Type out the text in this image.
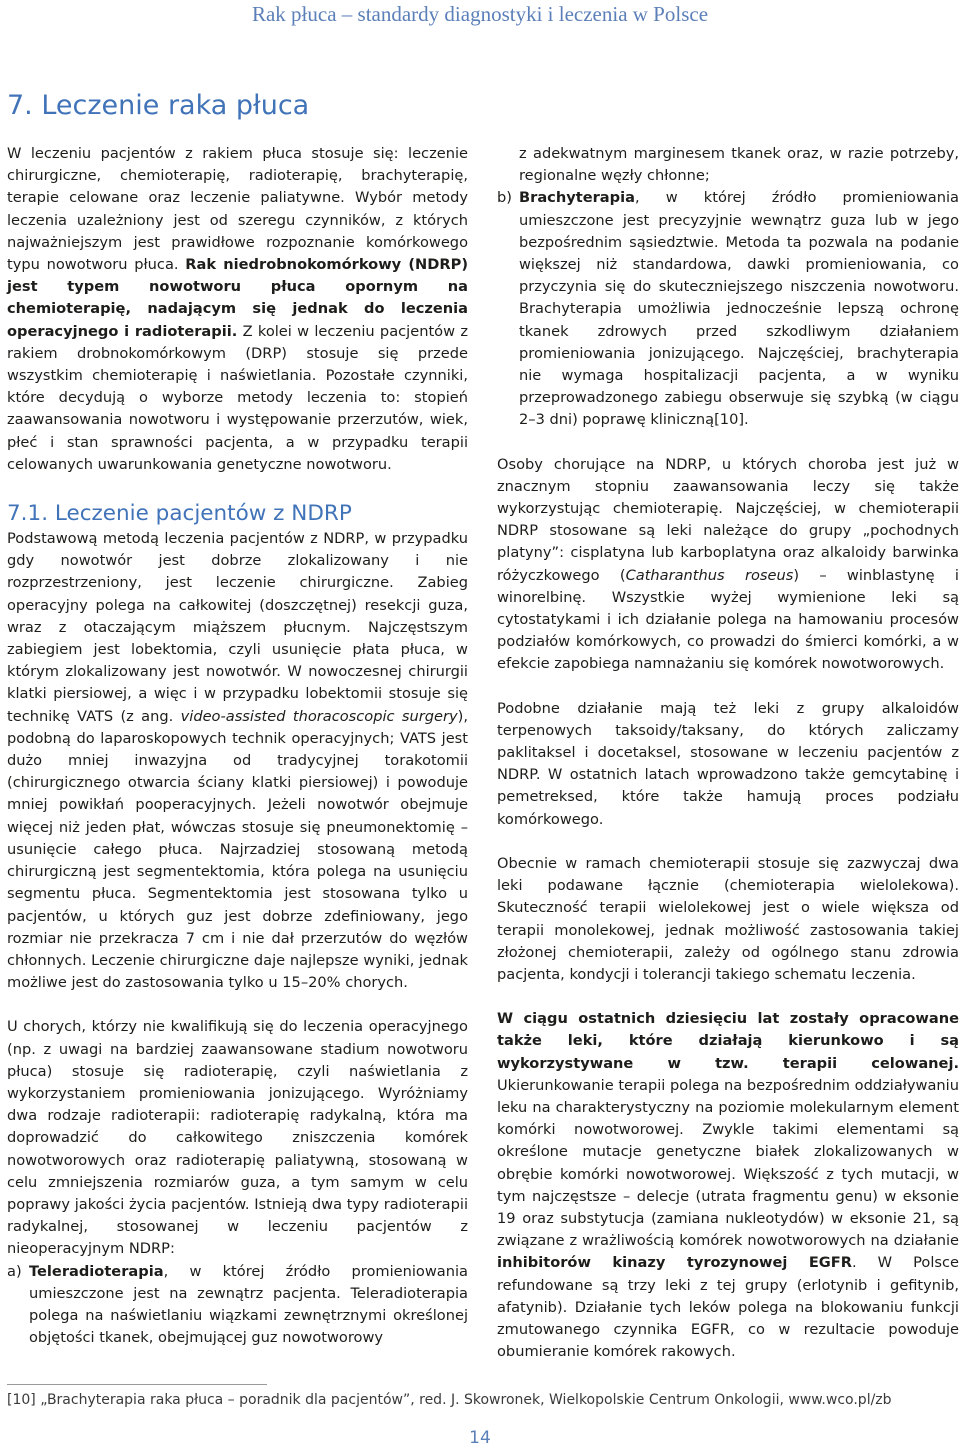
Rak płuca – standardy diagnostyki i leczenia w Polsce
7. Leczenie raka płuca

W leczeniu pacjentów z rakiem płuca stosuje się: leczenie chirurgiczne, chemioterapię, radioterapię, brachyterapię, terapie celowane oraz leczenie paliatywne. Wybór metody leczenia uzależniony jest od szeregu czynników, z których najważniejszym jest prawidłowe rozpoznanie komórkowego typu nowotworu płuca. Rak niedrobnokomórkowy (NDRP) jest typem nowotworu płuca opornym na chemioterapię, nadającym się jednak do leczenia operacyjnego i radioterapii. Z kolei w leczeniu pacjentów z rakiem drobnokomórkowym (DRP) stosuje się przede wszystkim chemioterapię i naświetlania. Pozostałe czynniki, które decydują o wyborze metody leczenia to: stopień zaawansowania nowotworu i występowanie przerzutów, wiek, płeć i stan sprawności pacjenta, a w przypadku terapii celowanych uwarunkowania genetyczne nowotworu.

7.1. Leczenie pacjentów z NDRP

Podstawową metodą leczenia pacjentów z NDRP, w przypadku gdy nowotwór jest dobrze zlokalizowany i nie rozprzestrzeniony, jest leczenie chirurgiczne. Zabieg operacyjny polega na całkowitej (doszczętnej) resekcji guza, wraz z otaczającym miąższem płucnym. Najczęstszym zabiegiem jest lobektomia, czyli usunięcie płata płuca, w którym zlokalizowany jest nowotwór. W nowoczesnej chirurgii klatki piersiowej, a więc i w przypadku lobektomii stosuje się technikę VATS (z ang. video-assisted thoracoscopic surgery), podobną do laparoskopowych technik operacyjnych; VATS jest dużo mniej inwazyjna od tradycyjnej torakotomii (chirurgicznego otwarcia ściany klatki piersiowej) i powoduje mniej powikłań pooperacyjnych. Jeżeli nowotwór obejmuje więcej niż jeden płat, wówczas stosuje się pneumonektomię – usunięcie całego płuca. Najrzadziej stosowaną metodą chirurgiczną jest segmentektomia, która polega na usunięciu segmentu płuca. Segmentektomia jest stosowana tylko u pacjentów, u których guz jest dobrze zdefiniowany, jego rozmiar nie przekracza 7 cm i nie dał przerzutów do węzłów chłonnych. Leczenie chirurgiczne daje najlepsze wyniki, jednak możliwe jest do zastosowania tylko u 15–20% chorych.

U chorych, którzy nie kwalifikują się do leczenia operacyjnego (np. z uwagi na bardziej zaawansowane stadium nowotworu płuca) stosuje się radioterapię, czyli naświetlania z wykorzystaniem promieniowania jonizującego. Wyróżniamy dwa rodzaje radioterapii: radioterapię radykalną, która ma doprowadzić do całkowitego zniszczenia komórek nowotworowych oraz radioterapię paliatywną, stosowaną w celu zmniejszenia rozmiarów guza, a tym samym w celu poprawy jakości życia pacjentów. Istnieją dwa typy radioterapii radykalnej, stosowanej w leczeniu pacjentów z nieoperacyjnym NDRP:

a) Teleradioterapia, w której źródło promieniowania umieszczone jest na zewnątrz pacjenta. Teleradioterapia polega na naświetlaniu wiązkami zewnętrznymi określonej objętości tkanek, obejmującej guz nowotworowy
z adekwatnym marginesem tkanek oraz, w razie potrzeby, regionalne węzły chłonne;
b) Brachyterapia, w której źródło promieniowania umieszczone jest precyzyjnie wewnątrz guza lub w jego bezpośrednim sąsiedztwie. Metoda ta pozwala na podanie większej niż standardowa, dawki promieniowania, co przyczynia się do skuteczniejszego niszczenia nowotworu. Brachyterapia umożliwia jednocześnie lepszą ochronę tkanek zdrowych przed szkodliwym działaniem promieniowania jonizującego. Najczęściej, brachyterapia nie wymaga hospitalizacji pacjenta, a w wyniku przeprowadzonego zabiegu obserwuje się szybką (w ciągu 2–3 dni) poprawę kliniczną[10].

Osoby chorujące na NDRP, u których choroba jest już w znacznym stopniu zaawansowania leczy się także wykorzystując chemioterapię. Najczęściej, w chemioterapii NDRP stosowane są leki należące do grupy „pochodnych platyny”: cisplatyna lub karboplatyna oraz alkaloidy barwinka różyczkowego (Catharanthus roseus) – winblastynę i winorelbinę. Wszystkie wyżej wymienione leki są cytostatykami i ich działanie polega na hamowaniu procesów podziałów komórkowych, co prowadzi do śmierci komórki, a w efekcie zapobiega namnażaniu się komórek nowotworowych.

Podobne działanie mają też leki z grupy alkaloidów terpenowych taksoidy/taksany, do których zaliczamy paklitaksel i docetaksel, stosowane w leczeniu pacjentów z NDRP. W ostatnich latach wprowadzono także gemcytabinę i pemetreksed, które także hamują proces podziału komórkowego.

Obecnie w ramach chemioterapii stosuje się zazwyczaj dwa leki podawane łącznie (chemioterapia wielolekowa). Skuteczność terapii wielolekowej jest o wiele większa od terapii monolekowej, jednak możliwość zastosowania takiej złożonej chemioterapii, zależy od ogólnego stanu zdrowia pacjenta, kondycji i tolerancji takiego schematu leczenia.

W ciągu ostatnich dziesięciu lat zostały opracowane także leki, które działają kierunkowo i są wykorzystywane w tzw. terapii celowanej. Ukierunkowanie terapii polega na bezpośrednim oddziaływaniu leku na charakterystyczny na poziomie molekularnym element komórki nowotworowej. Zwykle takimi elementami są określone mutacje genetyczne białek zlokalizowanych w obrębie komórki nowotworowej. Większość z tych mutacji, w tym najczęstsze – delecje (utrata fragmentu genu) w eksonie 19 oraz substytucja (zamiana nukleotydów) w eksonie 21, są związane z wrażliwością komórek nowotworowych na działanie inhibitorów kinazy tyrozynowej EGFR. W Polsce refundowane są trzy leki z tej grupy (erlotynib i gefitynib, afatynib). Działanie tych leków polega na blokowaniu funkcji zmutowanego czynnika EGFR, co w rezultacie powoduje obumieranie komórek rakowych.

[10] „Brachyterapia raka płuca – poradnik dla pacjentów”, red. J. Skowronek, Wielkopolskie Centrum Onkologii, www.wco.pl/zb
14
